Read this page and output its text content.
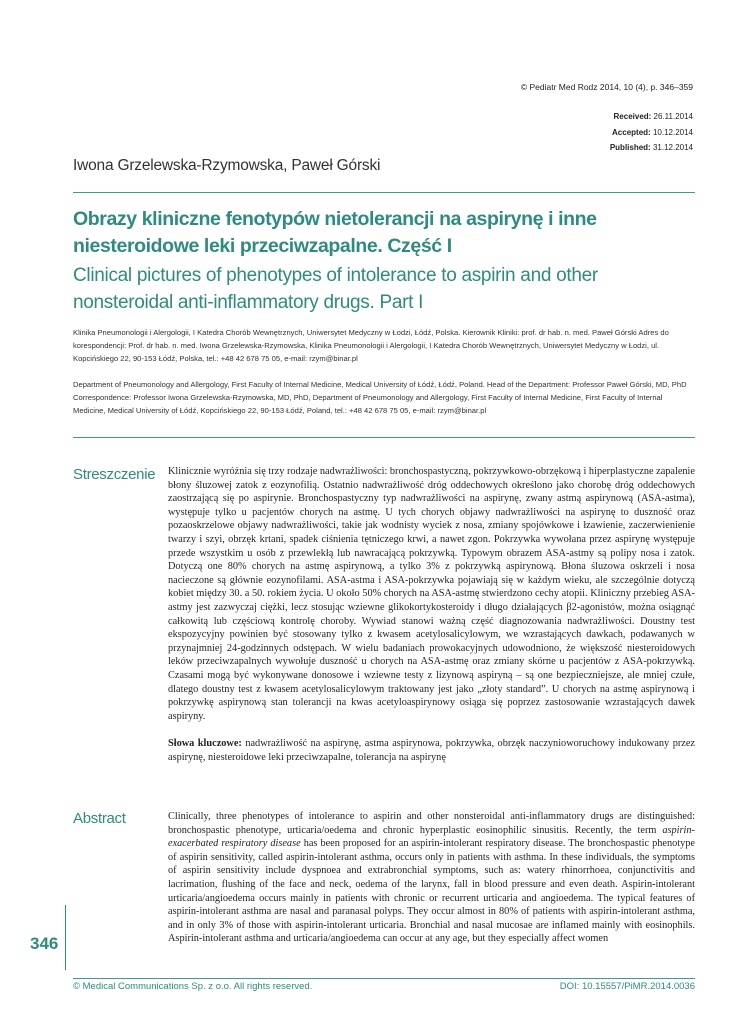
© Pediatr Med Rodz 2014, 10 (4), p. 346–359
Received: 26.11.2014
Accepted: 10.12.2014
Published: 31.12.2014
Iwona Grzelewska-Rzymowska, Paweł Górski
Obrazy kliniczne fenotypów nietolerancji na aspirynę i inne niesteroidowe leki przeciwzapalne. Część I
Clinical pictures of phenotypes of intolerance to aspirin and other nonsteroidal anti-inflammatory drugs. Part I
Klinika Pneumonologii i Alergologii, I Katedra Chorób Wewnętrznych, Uniwersytet Medyczny w Łodzi, Łódź, Polska. Kierownik Kliniki: prof. dr hab. n. med. Paweł Górski Adres do korespondencji: Prof. dr hab. n. med. Iwona Grzelewska-Rzymowska, Klinika Pneumonologii i Alergologii, I Katedra Chorób Wewnętrznych, Uniwersytet Medyczny w Łodzi, ul. Kopcińskiego 22, 90-153 Łódź, Polska, tel.: +48 42 678 75 05, e-mail: rzym@binar.pl
Department of Pneumonology and Allergology, First Faculty of Internal Medicine, Medical University of Łódź, Łódź, Poland. Head of the Department: Professor Paweł Górski, MD, PhD Correspondence: Professor Iwona Grzelewska-Rzymowska, MD, PhD, Department of Pneumonology and Allergology, First Faculty of Internal Medicine, First Faculty of Internal Medicine, Medical University of Łódź, Kopcińskiego 22, 90-153 Łódź, Poland, tel.: +48 42 678 75 05, e-mail: rzym@binar.pl
Streszczenie Klinicznie wyróżnia się trzy rodzaje nadwrażliwości: bronchospastyczną, pokrzywkowo-obrzękową i hiperplastyczne zapalenie błony śluzowej zatok z eozynofilią. Ostatnio nadwrażliwość dróg oddechowych określono jako chorobę dróg oddechowych zaostrzającą się po aspirynie. Bronchospastyczny typ nadwrażliwości na aspirynę, zwany astmą aspirynową (ASA-astma), występuje tylko u pacjentów chorych na astmę. U tych chorych objawy nadwrażliwości na aspirynę to duszność oraz pozaoskrzelowe objawy nadwrażliwości, takie jak wodnisty wyciek z nosa, zmiany spojówkowe i łzawienie, zaczerwienienie twarzy i szyi, obrzęk krtani, spadek ciśnienia tętniczego krwi, a nawet zgon. Pokrzywka wywołana przez aspirynę występuje przede wszystkim u osób z przewlekłą lub nawracającą pokrzywką. Typowym obrazem ASA-astmy są polipy nosa i zatok. Dotyczą one 80% chorych na astmę aspirynową, a tylko 3% z pokrzywką aspirynową. Błona śluzowa oskrzeli i nosa nacieczone są głównie eozynofilami. ASA-astma i ASA-pokrzywka pojawiają się w każdym wieku, ale szczególnie dotyczą kobiet między 30. a 50. rokiem życia. U około 50% chorych na ASA-astmę stwierdzono cechy atopii. Kliniczny przebieg ASA-astmy jest zazwyczaj ciężki, lecz stosując wziewne glikokortykosteroidy i długo działających β2-agonistów, można osiągnąć całkowitą lub częściową kontrolę choroby. Wywiad stanowi ważną część diagnozowania nadwrażliwości. Doustny test ekspozycyjny powinien być stosowany tylko z kwasem acetylosalicylowym, we wzrastających dawkach, podawanych w przynajmniej 24-godzinnych odstępach. W wielu badaniach prowokacyjnych udowodniono, że większość niesteroidowych leków przeciwzapalnych wywołuje duszność u chorych na ASA-astmę oraz zmiany skórne u pacjentów z ASA-pokrzywką. Czasami mogą być wykonywane donosowe i wziewne testy z lizynową aspiryną – są one bezpieczniejsze, ale mniej czułe, dlatego doustny test z kwasem acetylosalicylowym traktowany jest jako „złoty standard”. U chorych na astmę aspirynową i pokrzywkę aspirynową stan tolerancji na kwas acetyloaspirynowy osiąga się poprzez zastosowanie wzrastających dawek aspiryny.

Słowa kluczowe: nadwrażliwość na aspirynę, astma aspirynowa, pokrzywka, obrzęk naczynioworuchowy indukowany przez aspirynę, niesteroidowe leki przeciwzapalne, tolerancja na aspirynę

Abstract	Clinically, three phenotypes of intolerance to aspirin and other nonsteroidal anti-inflammatory drugs are distinguished: bronchospastic phenotype, urticaria/oedema and chronic hyperplastic eosinophilic sinusitis. Recently, the term aspirin-exacerbated respiratory disease has been proposed for an aspirin-intolerant respiratory disease. The bronchospastic phenotype of aspirin sensitivity, called aspirin-intolerant asthma, occurs only in patients with asthma. In these individuals, the symptoms of aspirin sensitivity include dyspnoea and extrabronchial symptoms, such as: watery rhinorrhoea, conjunctivitis and lacrimation, flushing of the face and neck, oedema of the larynx, fall in blood pressure and even death. Aspirin-intolerant urticaria/angioedema occurs mainly in patients with chronic or recurrent urticaria and angioedema. The typical features of aspirin-intolerant asthma are nasal and paranasal polyps. They occur almost in 80% of patients with aspirin-intolerant asthma, and in only 3% of those with aspirin-intolerant urticaria. Bronchial and nasal mucosae are inflamed mainly with eosinophils. Aspirin-intolerant asthma and urticaria/angioedema can occur at any age, but they especially affect women

346
© Medical Communications Sp. z o.o. All rights reserved.	DOI: 10.15557/PiMR.2014.0036
